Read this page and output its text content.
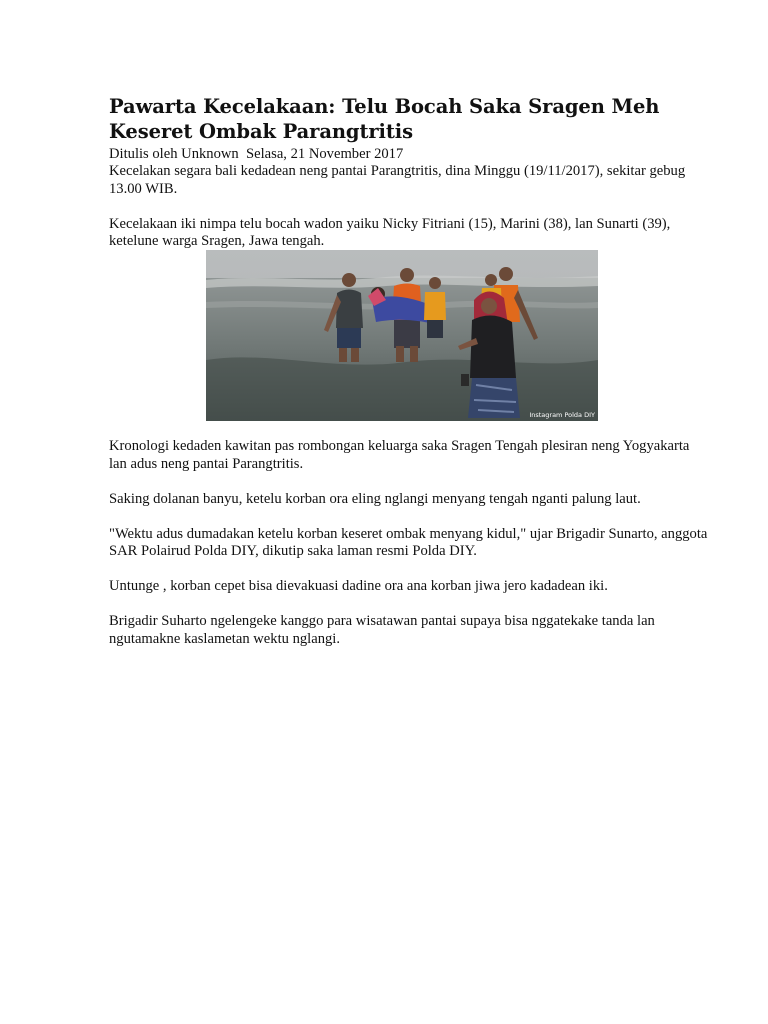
Pawarta Kecelakaan: Telu Bocah Saka Sragen Meh Keseret Ombak Parangtritis

Ditulis oleh Unknown  Selasa, 21 November 2017

Kecelakan segara bali kedadean neng pantai Parangtritis, dina Minggu (19/11/2017), sekitar gebug 13.00 WIB.

Kecelakaan iki nimpa telu bocah wadon yaiku Nicky Fitriani (15), Marini (38), lan Sunarti (39), ketelune warga Sragen, Jawa tengah.

Instagram Polda DIY

Kronologi kedaden kawitan pas rombongan keluarga saka Sragen Tengah plesiran neng Yogyakarta lan adus neng pantai Parangtritis.

Saking dolanan banyu, ketelu korban ora eling nglangi menyang tengah nganti palung laut.

"Wektu adus dumadakan ketelu korban keseret ombak menyang kidul," ujar Brigadir Sunarto, anggota SAR Polairud Polda DIY, dikutip saka laman resmi Polda DIY.

Untunge , korban cepet bisa dievakuasi dadine ora ana korban jiwa jero kadadean iki.

Brigadir Suharto ngelengeke kanggo para wisatawan pantai supaya bisa nggatekake tanda lan ngutamakne kaslametan wektu nglangi.
